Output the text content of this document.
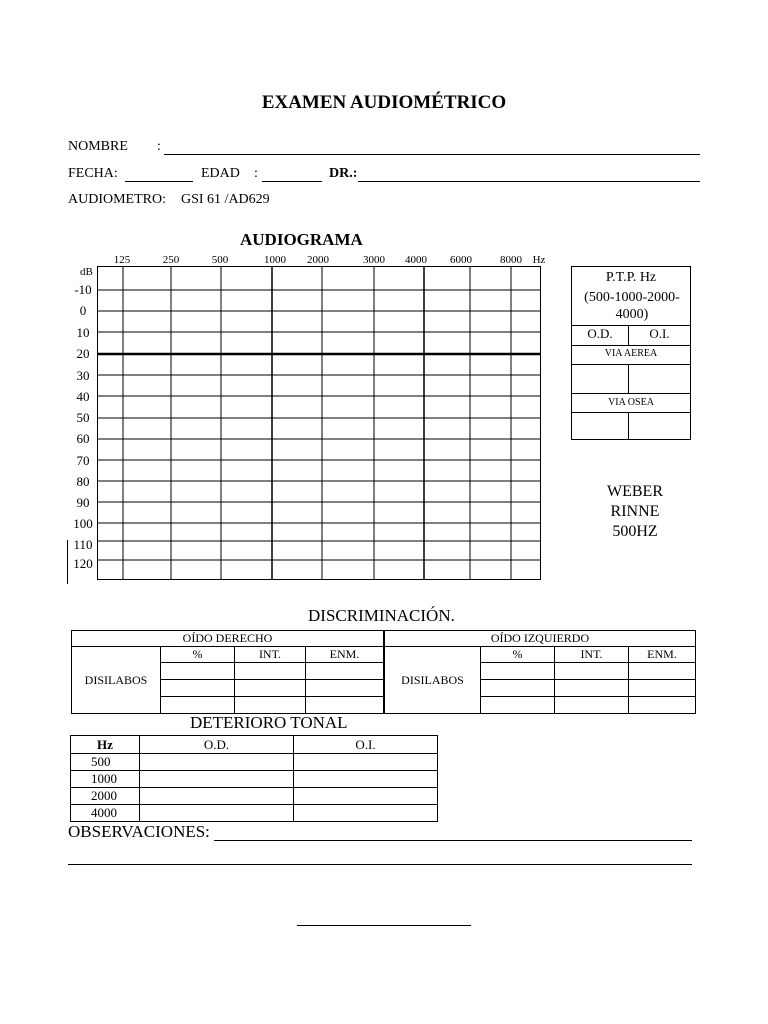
EXAMEN AUDIOMÉTRICO
NOMBRE :
FECHA:	EDAD :	DR.:
AUDIOMETRO: GSI 61 /AD629
AUDIOGRAMA
125	250	500	1000 2000	3000 4000 6000	8000 Hz
dB
-10
0
10
20
30
40
50
60
70
80
90
100
110
120
P.T.P. Hz
(500-1000-2000-4000)
O.D.	O.I.
VIA AEREA
VIA OSEA
WEBER
RINNE
500HZ
DISCRIMINACIÓN.
OÍDO DERECHO			
DISILABOS	%	INT.	ENM.

OÍDO IZQUIERDO			
DISILABOS	%	INT.	ENM.

DETERIORO TONAL
Hz	O.D.	O.I.
500		
1000		
2000		
4000		
OBSERVACIONES:
